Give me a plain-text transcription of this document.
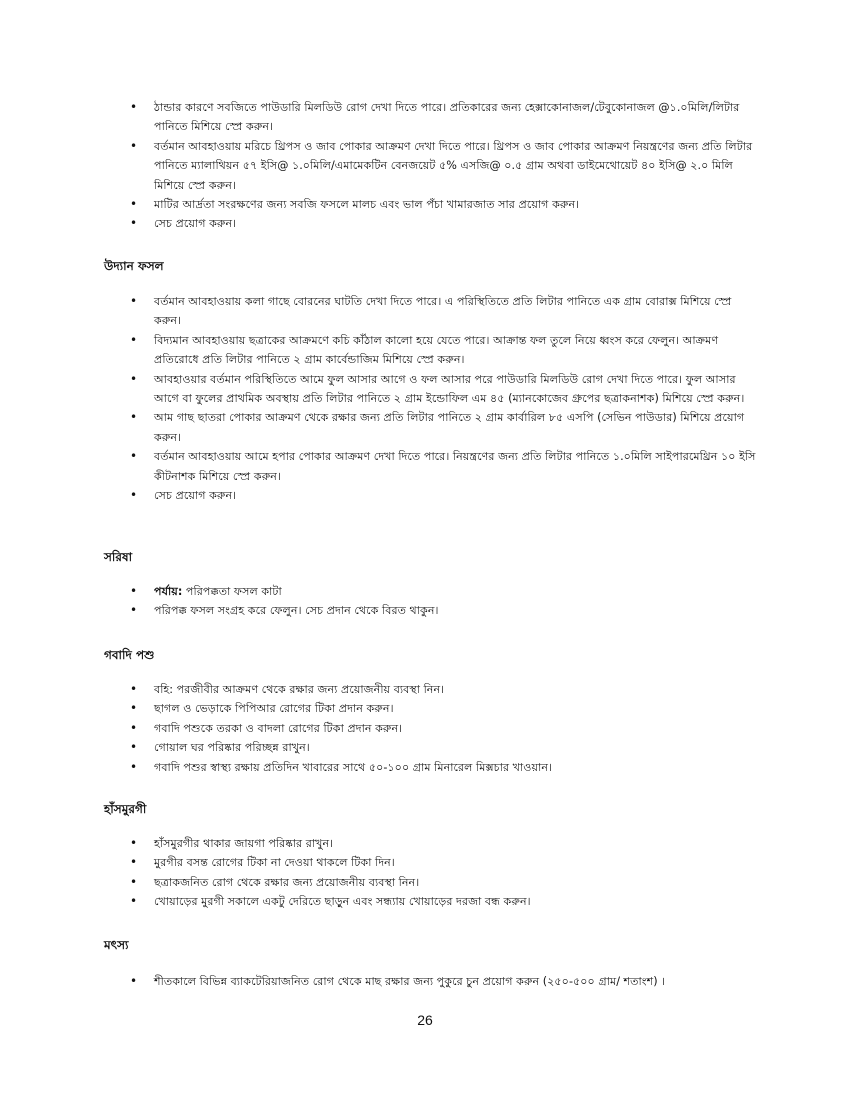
• ঠান্ডার কারণে সবজিতে পাউডারি মিলডিউ রোগ দেখা দিতে পারে। প্রতিকারের জন্য হেক্সাকোনাজল/টেবুকোনাজল @১.০মিলি/লিটার পানিতে মিশিয়ে স্প্রে করুন।
• বর্তমান আবহাওয়ায় মরিচে থ্রিপস ও জাব পোকার আক্রমণ দেখা দিতে পারে। থ্রিপস ও জাব পোকার আক্রমণ নিয়ন্ত্রণের জন্য প্রতি লিটার পানিতে ম্যালাথিয়ন ৫৭ ইসি@ ১.০মিলি/এমামেকটিন বেনজয়েট ৫% এসজি@ ০.৫ গ্রাম অথবা ডাইমেথোয়েট ৪০ ইসি@ ২.০ মিলি মিশিয়ে স্প্রে করুন।
• মাটির আর্দ্রতা সংরক্ষণের জন্য সবজি ফসলে মালচ এবং ভাল পঁচা খামারজাত সার প্রয়োগ করুন।
• সেচ প্রয়োগ করুন।
উদ্যান ফসল
• বর্তমান আবহাওয়ায় কলা গাছে বোরনের ঘাটতি দেখা দিতে পারে। এ পরিস্থিতিতে প্রতি লিটার পানিতে এক গ্রাম বোরাক্স মিশিয়ে স্প্রে করুন।
• বিদ্যমান আবহাওয়ায় ছত্রাকের আক্রমণে কচি কাঁঠাল কালো হয়ে যেতে পারে। আক্রান্ত ফল তুলে নিয়ে ধ্বংস করে ফেলুন। আক্রমণ প্রতিরোধে প্রতি লিটার পানিতে ২ গ্রাম কার্বেন্ডাজিম মিশিয়ে স্প্রে করুন।
• আবহাওয়ার বর্তমান পরিস্থিতিতে আমে ফুল আসার আগে ও ফল আসার পরে পাউডারি মিলডিউ রোগ দেখা দিতে পারে। ফুল আসার আগে বা ফুলের প্রাথমিক অবস্থায় প্রতি লিটার পানিতে ২ গ্রাম ইন্ডোফিল এম ৪৫ (ম্যানকোজেব গ্রুপের ছত্রাকনাশক) মিশিয়ে স্প্রে করুন।
• আম গাছ ছাতরা পোকার আক্রমণ থেকে রক্ষার জন্য প্রতি লিটার পানিতে ২ গ্রাম কার্বারিল ৮৫ এসপি (সেভিন পাউডার) মিশিয়ে প্রয়োগ করুন।
• বর্তমান আবহাওয়ায় আমে হপার পোকার আক্রমণ দেখা দিতে পারে। নিয়ন্ত্রণের জন্য প্রতি লিটার পানিতে ১.০মিলি সাইপারমেথ্রিন ১০ ইসি কীটনাশক মিশিয়ে স্প্রে করুন।
• সেচ প্রয়োগ করুন।
সরিষা
• পর্যায়: পরিপক্কতা ফসল কাটা
• পরিপক্ক ফসল সংগ্রহ করে ফেলুন। সেচ প্রদান থেকে বিরত থাকুন।
গবাদি পশু
• বহি: পরজীবীর আক্রমণ থেকে রক্ষার জন্য প্রয়োজনীয় ব্যবস্থা নিন।
• ছাগল ও ভেড়াকে পিপিআর রোগের টিকা প্রদান করুন।
• গবাদি পশুকে তরকা ও বাদলা রোগের টিকা প্রদান করুন।
• গোয়াল ঘর পরিষ্কার পরিচ্ছন্ন রাখুন।
• গবাদি পশুর স্বাস্থ্য রক্ষায় প্রতিদিন খাবারের সাথে ৫০-১০০ গ্রাম মিনারেল মিক্সচার খাওয়ান।
হাঁসমুরগী
• হাঁসমুরগীর থাকার জায়গা পরিষ্কার রাখুন।
• মুরগীর বসন্ত রোগের টিকা না দেওয়া থাকলে টিকা দিন।
• ছত্রাকজনিত রোগ থেকে রক্ষার জন্য প্রয়োজনীয় ব্যবস্থা নিন।
• খোয়াড়ের মুরগী সকালে একটু দেরিতে ছাড়ুন এবং সন্ধ্যায় খোয়াড়ের দরজা বন্ধ করুন।
মৎস্য
• শীতকালে বিভিন্ন ব্যাকটেরিয়াজনিত রোগ থেকে মাছ রক্ষার জন্য পুকুরে চুন প্রয়োগ করুন (২৫০-৫০০ গ্রাম/ শতাংশ) ।
26
